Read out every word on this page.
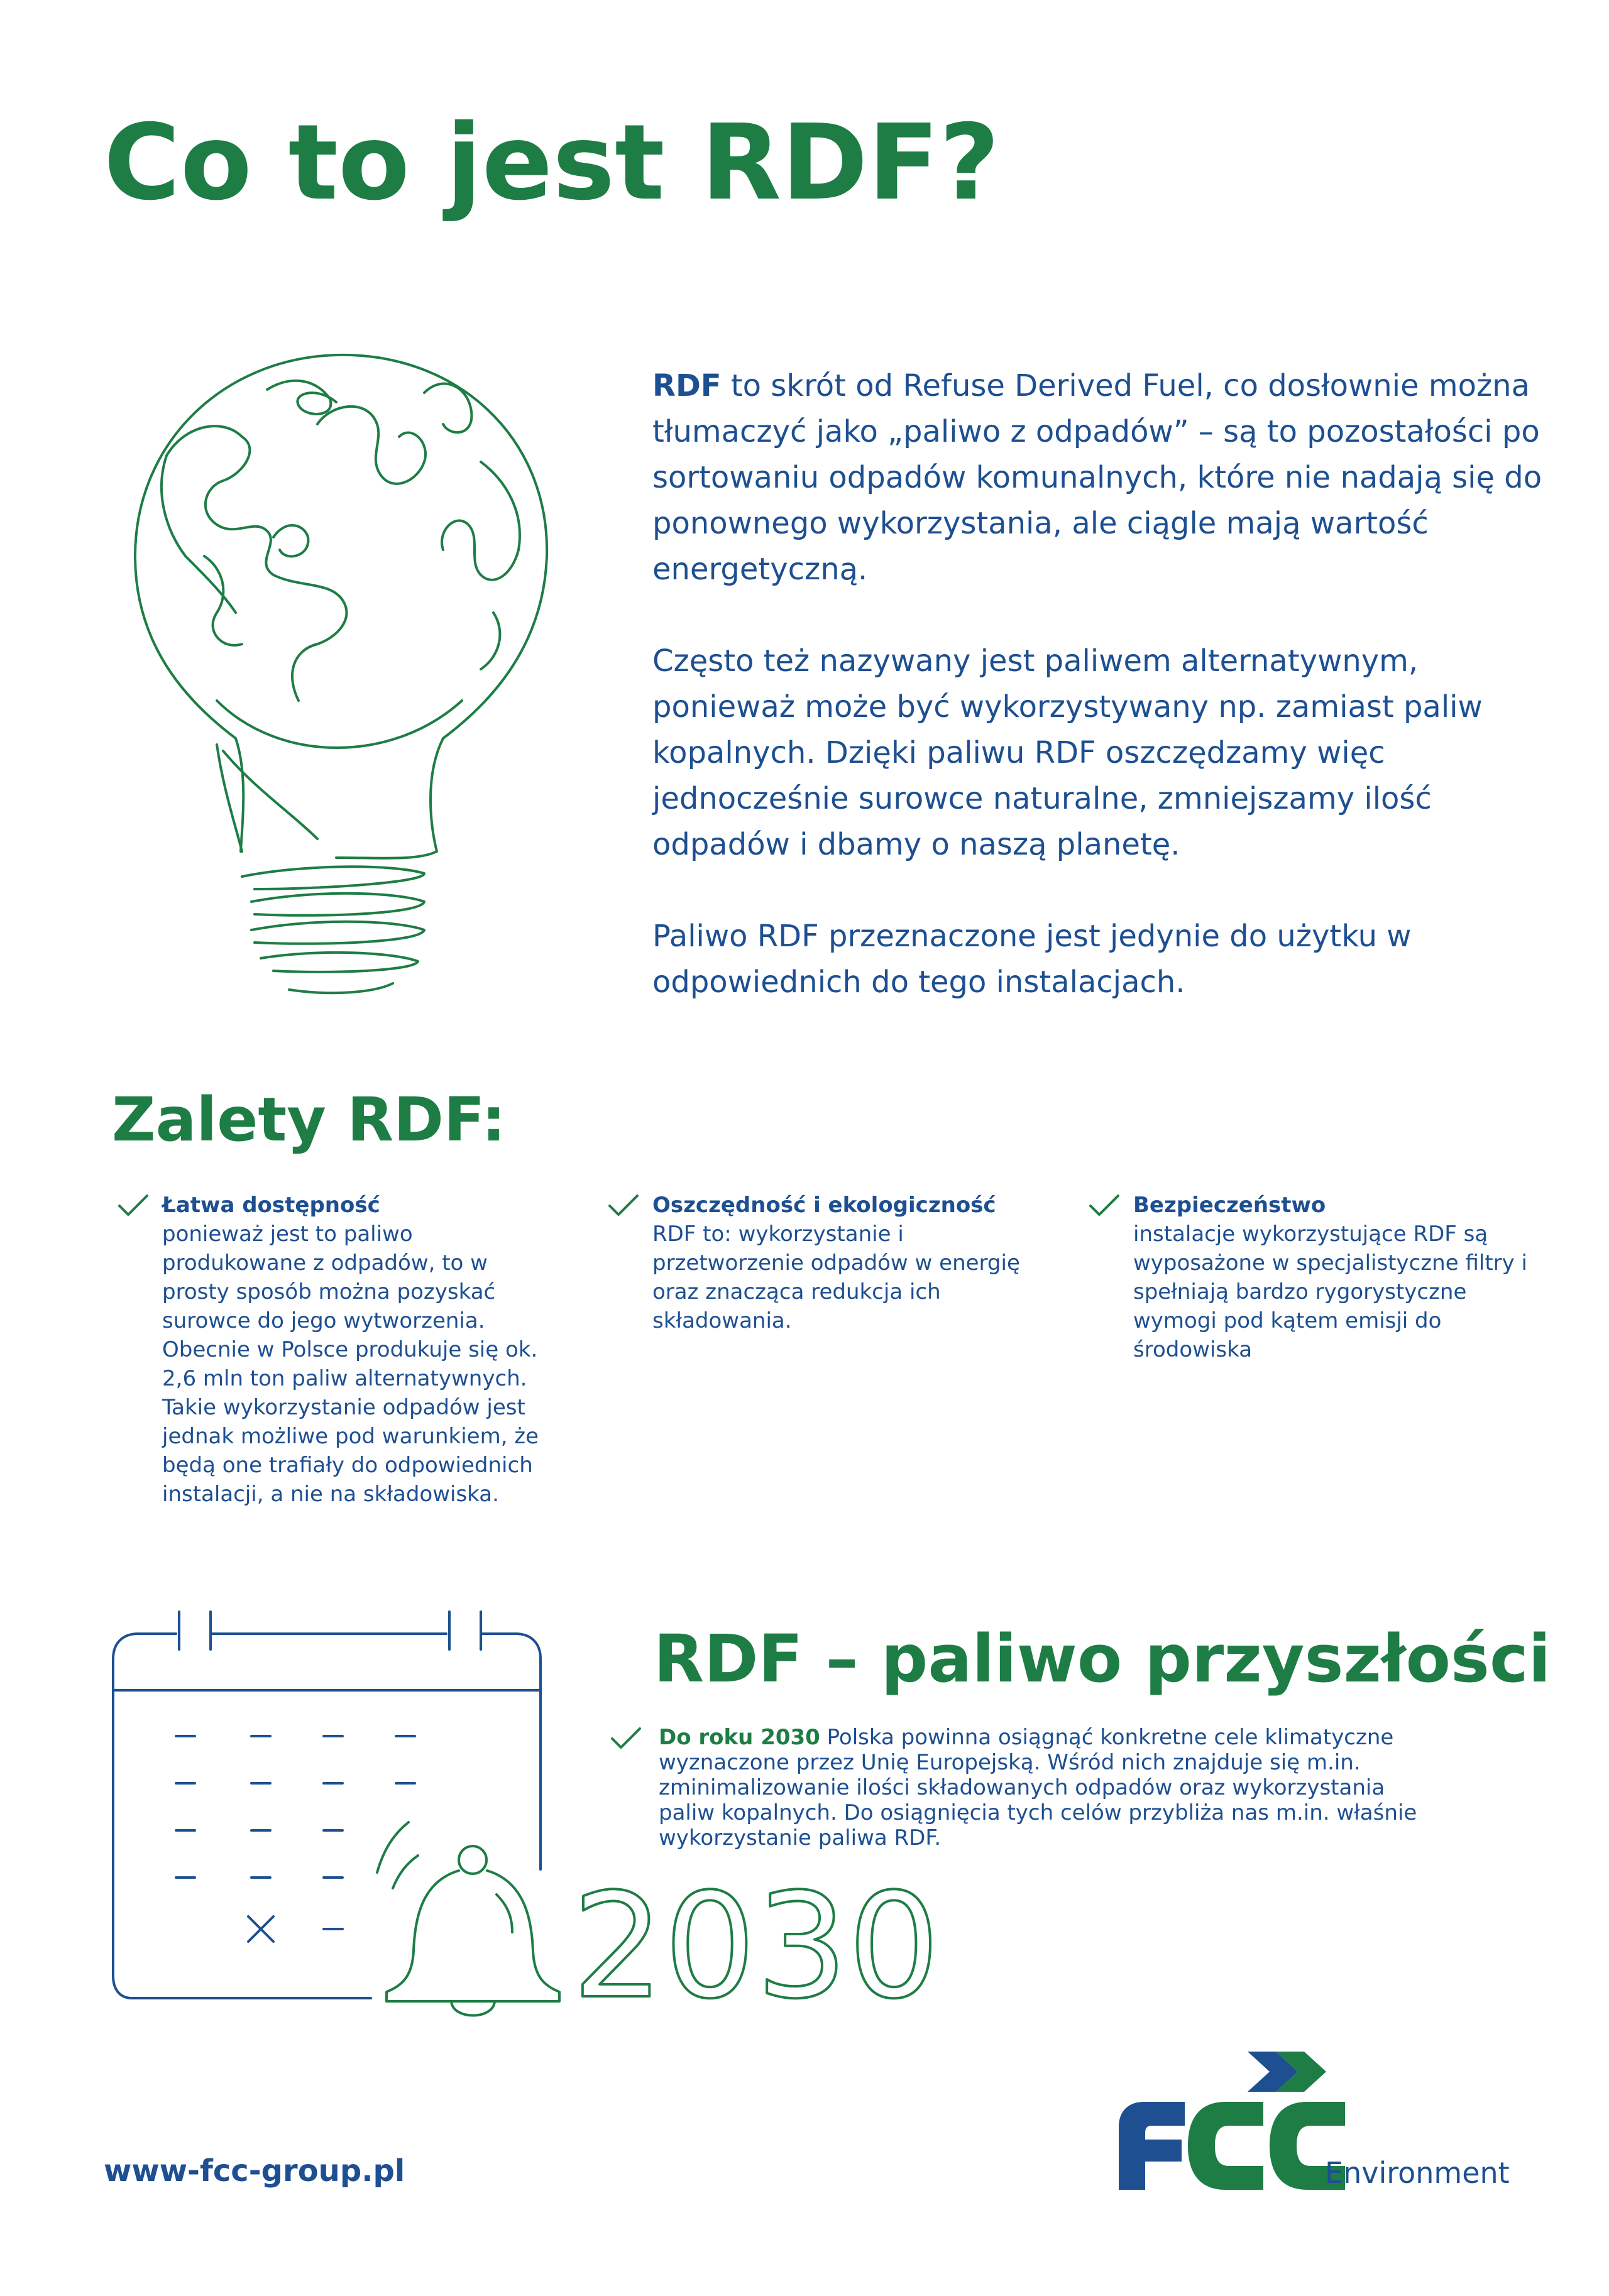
Co to jest RDF?

RDF to skrót od Refuse Derived Fuel, co dosłownie można tłumaczyć jako „paliwo z odpadów” – są to pozostałości po sortowaniu odpadów komunalnych, które nie nadają się do ponownego wykorzystania, ale ciągle mają wartość energetyczną.

Często też nazywany jest paliwem alternatywnym, ponieważ może być wykorzystywany np. zamiast paliw kopalnych. Dzięki paliwu RDF oszczędzamy więc jednocześnie surowce naturalne, zmniejszamy ilość odpadów i dbamy o naszą planetę.

Paliwo RDF przeznaczone jest jedynie do użytku w odpowiednich do tego instalacjach.

Zalety RDF:
Łatwa dostępność
ponieważ jest to paliwo produkowane z odpadów, to w prosty sposób można pozyskać surowce do jego wytworzenia. Obecnie w Polsce produkuje się ok. 2,6 mln ton paliw alternatywnych. Takie wykorzystanie odpadów jest jednak możliwe pod warunkiem, że będą one trafiały do odpowiednich instalacji, a nie na składowiska.
Oszczędność i ekologiczność
RDF to: wykorzystanie i przetworzenie odpadów w energię oraz znacząca redukcja ich składowania.
Bezpieczeństwo
instalacje wykorzystujące RDF są wyposażone w specjalistyczne filtry i spełniają bardzo rygorystyczne wymogi pod kątem emisji do środowiska
2030
RDF – paliwo przyszłości
Do roku 2030 Polska powinna osiągnąć konkretne cele klimatyczne wyznaczone przez Unię Europejską. Wśród nich znajduje się m.in. zminimalizowanie ilości składowanych odpadów oraz wykorzystania paliw kopalnych. Do osiągnięcia tych celów przybliża nas m.in. właśnie wykorzystanie paliwa RDF.
www-fcc-group.pl	Environment
